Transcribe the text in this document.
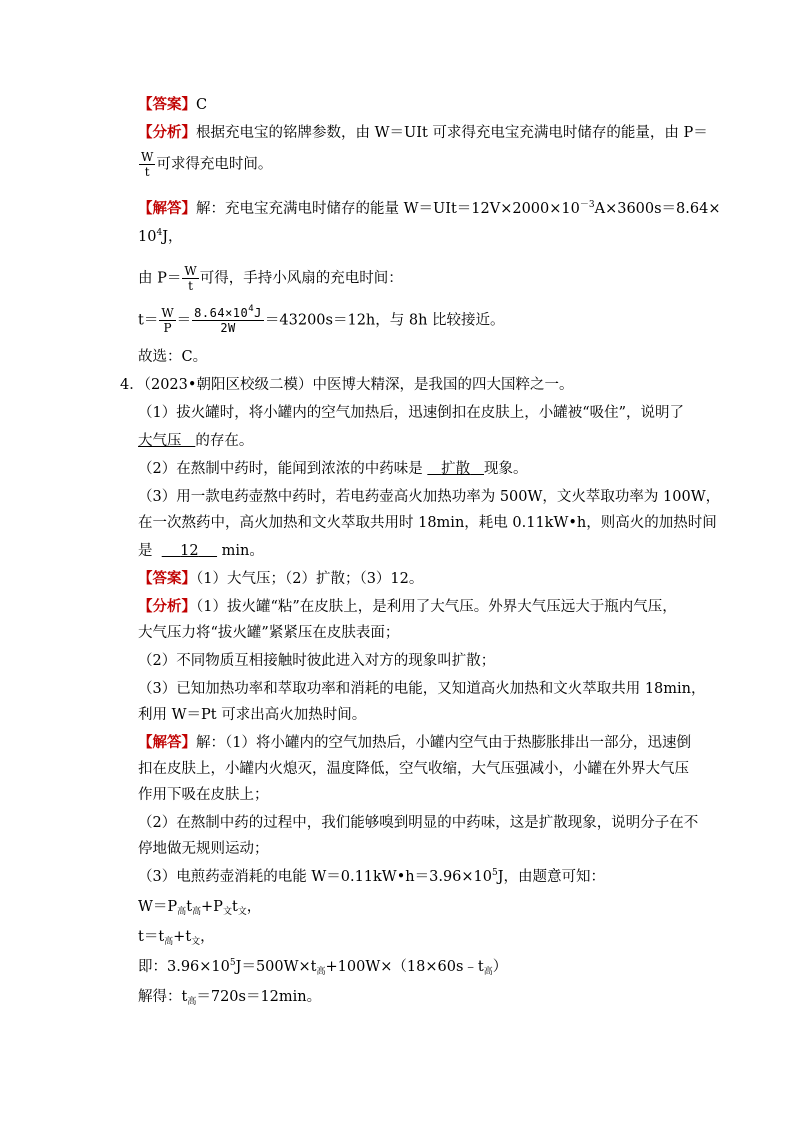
【答案】C
【分析】根据充电宝的铭牌参数，由 W＝UIt 可求得充电宝充满电时储存的能量，由 P＝
$\frac{W}{t}$ 可求得充电时间。
【解答】解：充电宝充满电时储存的能量 $W=UIt=12V\times 2000\times 10^{-3}A\times 3600s=8.64\times$
$10^4J$，
由 $P= \frac{W}{t}$ 可得，手持小风扇的充电时间：
$t= \frac{W}{P} = \frac{8.64\times 10^4J}{2W} =43200s=12h$，与 8h 比较接近。
故选：C。
4．（2023•朝阳区校级二模）中医博大精深，是我国的四大国粹之一。
（1）拔火罐时，将小罐内的空气加热后，迅速倒扣在皮肤上，小罐被“吸住”，说明了
大气压 的存在。
（2）在熬制中药时，能闻到浓浓的中药味是 扩散 现象。
（3）用一款电药壶熬中药时，若电药壶高火加热功率为 500W，文火萃取功率为 100W，
在一次熬药中，高火加热和文火萃取共用时 18min，耗电 0.11kW•h，则高火的加热时间
是 12 min。
【答案】（1）大气压；（2）扩散；（3）12。
【分析】（1）拔火罐“粘”在皮肤上，是利用了大气压。外界大气压远大于瓶内气压，
大气压力将“拔火罐”紧紧压在皮肤表面；
（2）不同物质互相接触时彼此进入对方的现象叫扩散；
（3）已知加热功率和萃取功率和消耗的电能，又知道高火加热和文火萃取共用 18min，
利用 W＝Pt 可求出高火加热时间。
【解答】解：（1）将小罐内的空气加热后，小罐内空气由于热膨胀排出一部分，迅速倒
扣在皮肤上，小罐内火熄灭，温度降低，空气收缩，大气压强减小，小罐在外界大气压
作用下吸在皮肤上；
（2）在熬制中药的过程中，我们能够嗅到明显的中药味，这是扩散现象，说明分子在不
停地做无规则运动；
（3）电煎药壶消耗的电能 $W=0.11kW•h=3.96\times 10^5J$，由题意可知：
$W=P_高t_高+P_文t_文$，
$t=t_高+t_文$，
即：$3.96\times 10^5J=500W\times t_高+100W\times(18\times 60s﹣t_高)$
解得：$t_高=720s=12\min$。
